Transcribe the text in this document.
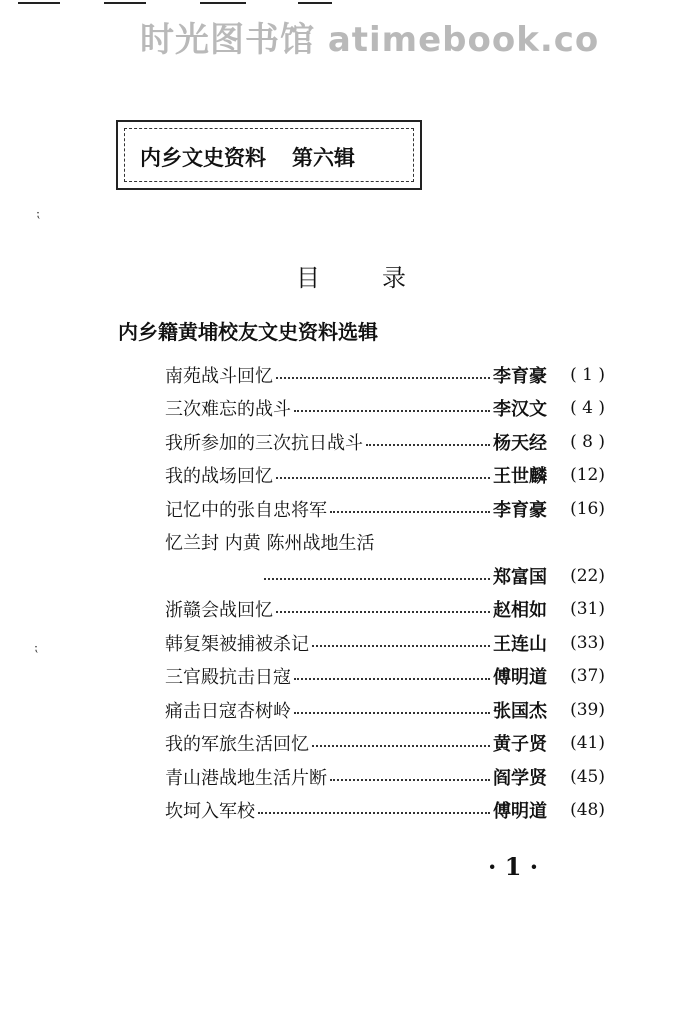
时光图书馆 atimebook.co
内乡文史资料 第六辑
⁏
⁏
目录
内乡籍黄埔校友文史资料选辑
南苑战斗回忆	李育豪	( 1 )
三次难忘的战斗	李汉文	( 4 )
我所参加的三次抗日战斗	杨天经	( 8 )
我的战场回忆	王世麟	(12)
记忆中的张自忠将军	李育豪	(16)
忆兰封 内黄 陈州战地生活
郑富国	(22)
浙赣会战回忆	赵相如	(31)
韩复榘被捕被杀记	王连山	(33)
三官殿抗击日寇	傅明道	(37)
痛击日寇杏树岭	张国杰	(39)
我的军旅生活回忆	黄子贤	(41)
青山港战地生活片断	阎学贤	(45)
坎坷入军校	傅明道	(48)
· 1 ·
